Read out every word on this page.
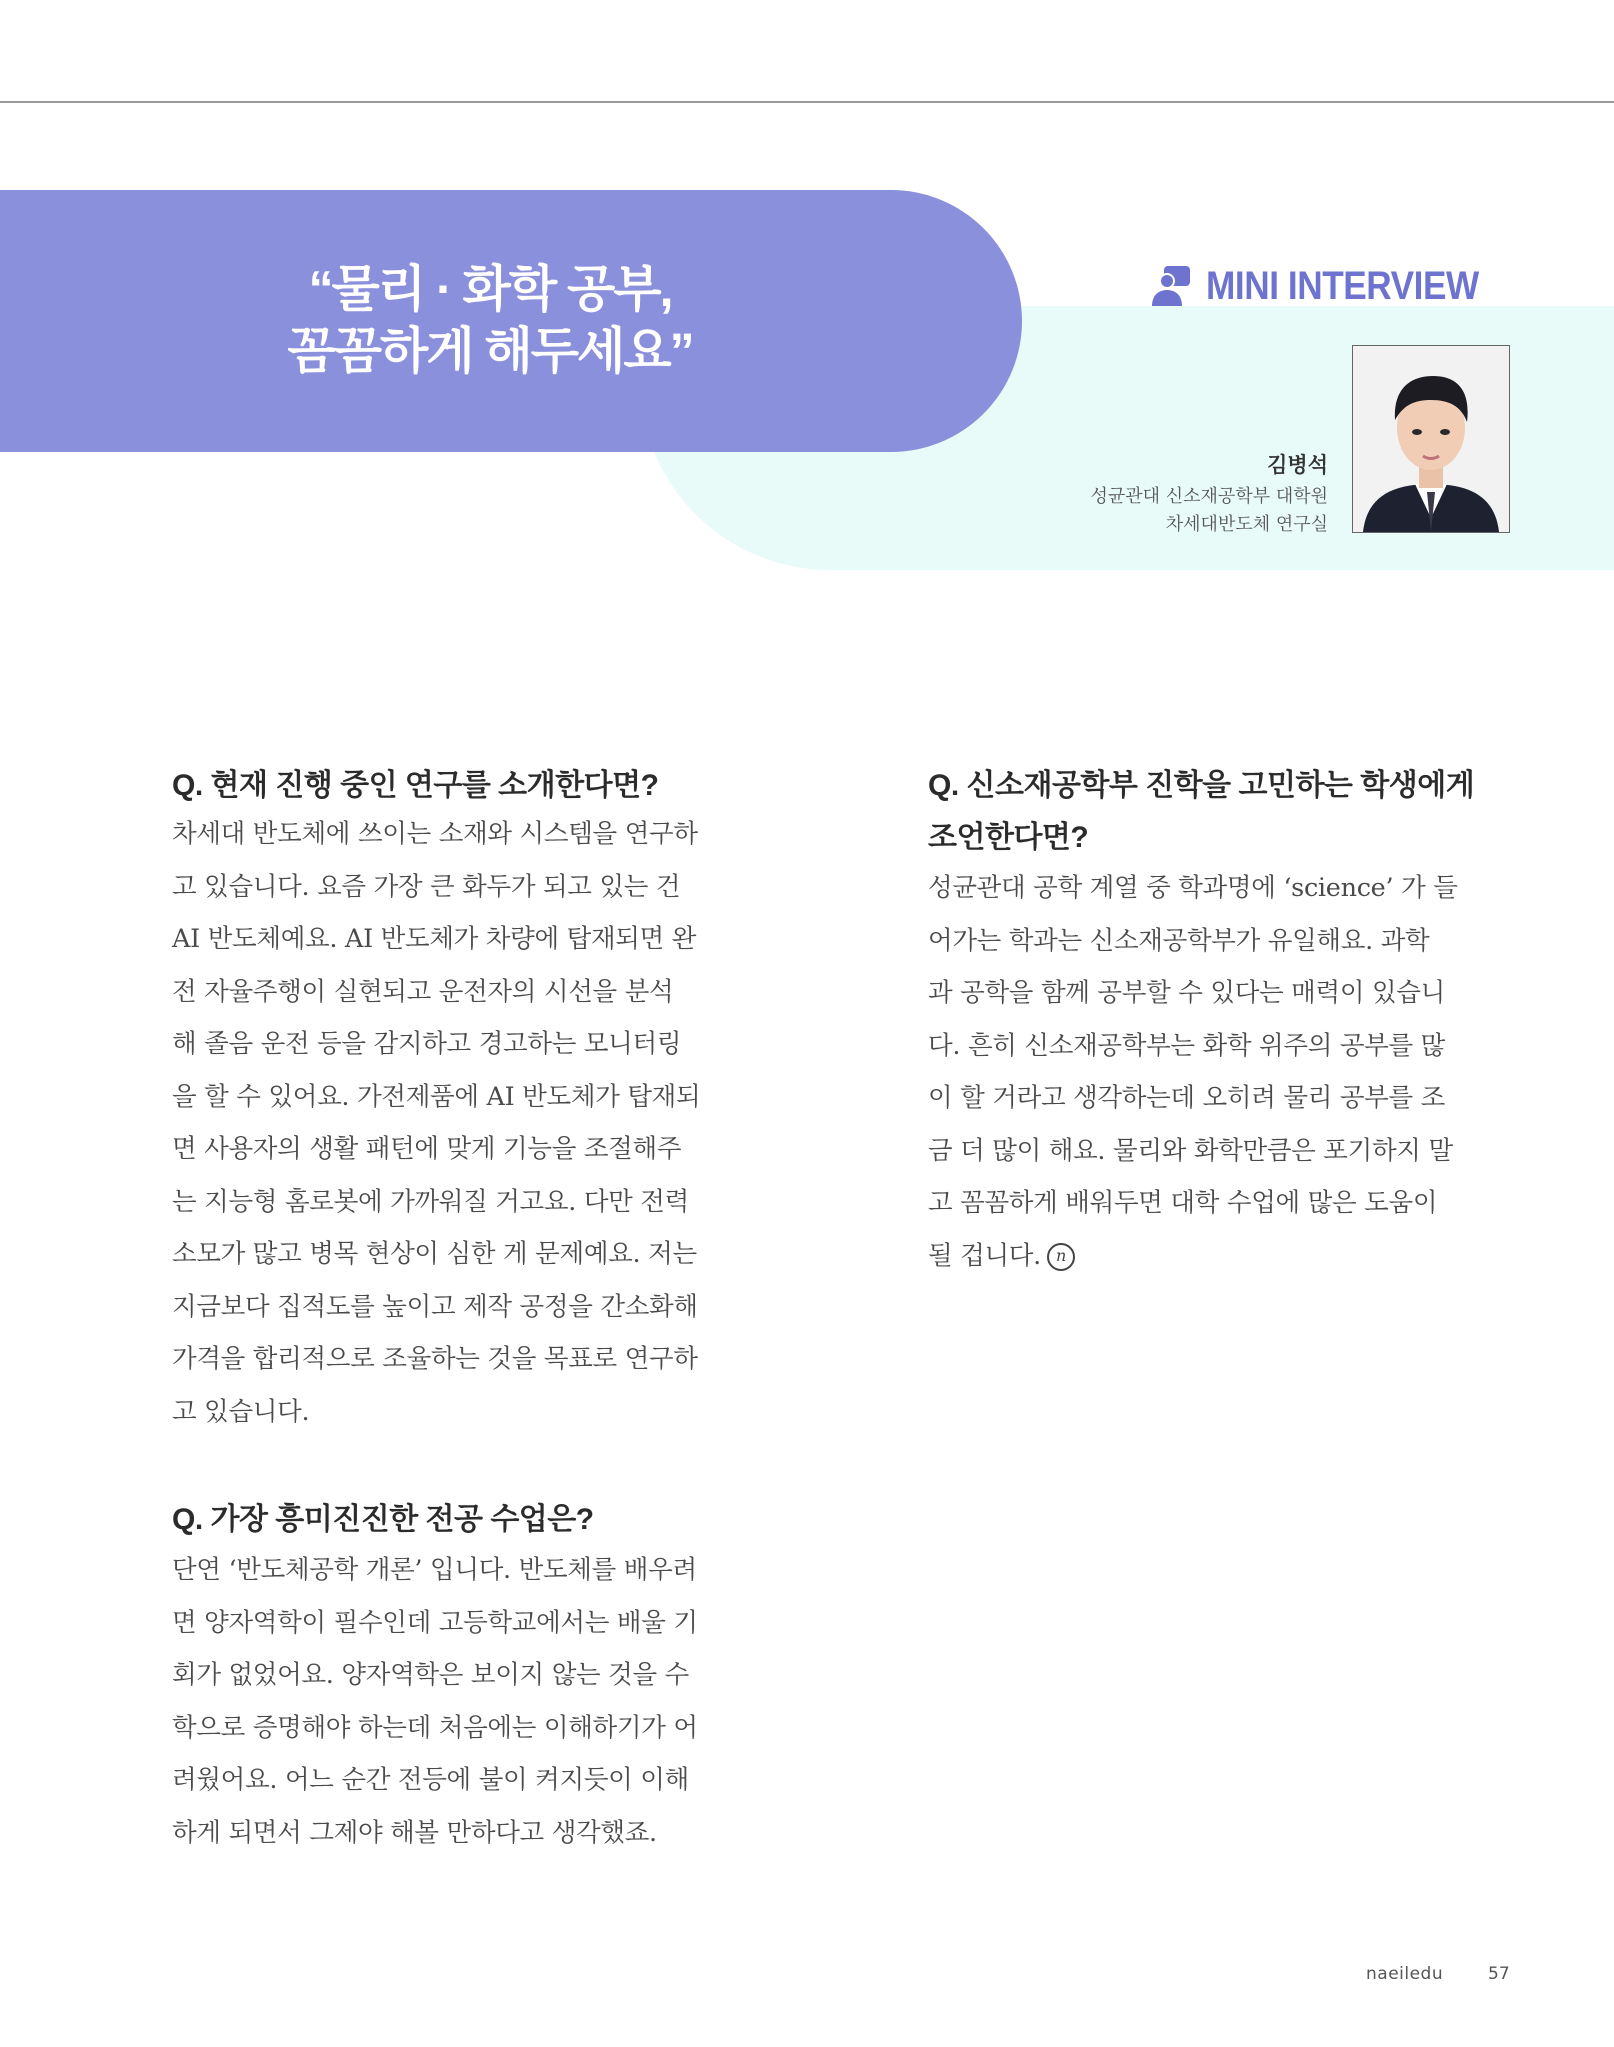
“물리 · 화학 공부,
꼼꼼하게 해두세요”
MINI INTERVIEW
김병석
성균관대 신소재공학부 대학원
차세대반도체 연구실
Q. 현재 진행 중인 연구를 소개한다면?
차세대 반도체에 쓰이는 소재와 시스템을 연구하
고 있습니다. 요즘 가장 큰 화두가 되고 있는 건
AI 반도체예요. AI 반도체가 차량에 탑재되면 완
전 자율주행이 실현되고 운전자의 시선을 분석
해 졸음 운전 등을 감지하고 경고하는 모니터링
을 할 수 있어요. 가전제품에 AI 반도체가 탑재되
면 사용자의 생활 패턴에 맞게 기능을 조절해주
는 지능형 홈로봇에 가까워질 거고요. 다만 전력
소모가 많고 병목 현상이 심한 게 문제예요. 저는
지금보다 집적도를 높이고 제작 공정을 간소화해
가격을 합리적으로 조율하는 것을 목표로 연구하
고 있습니다.
Q. 가장 흥미진진한 전공 수업은?
단연 ‘반도체공학 개론’ 입니다. 반도체를 배우려
면 양자역학이 필수인데 고등학교에서는 배울 기
회가 없었어요. 양자역학은 보이지 않는 것을 수
학으로 증명해야 하는데 처음에는 이해하기가 어
려웠어요. 어느 순간 전등에 불이 켜지듯이 이해
하게 되면서 그제야 해볼 만하다고 생각했죠.
Q. 신소재공학부 진학을 고민하는 학생에게
조언한다면?
성균관대 공학 계열 중 학과명에 ‘science’ 가 들
어가는 학과는 신소재공학부가 유일해요. 과학
과 공학을 함께 공부할 수 있다는 매력이 있습니
다. 흔히 신소재공학부는 화학 위주의 공부를 많
이 할 거라고 생각하는데 오히려 물리 공부를 조
금 더 많이 해요. 물리와 화학만큼은 포기하지 말
고 꼼꼼하게 배워두면 대학 수업에 많은 도움이
될 겁니다. n
naeiledu	57
